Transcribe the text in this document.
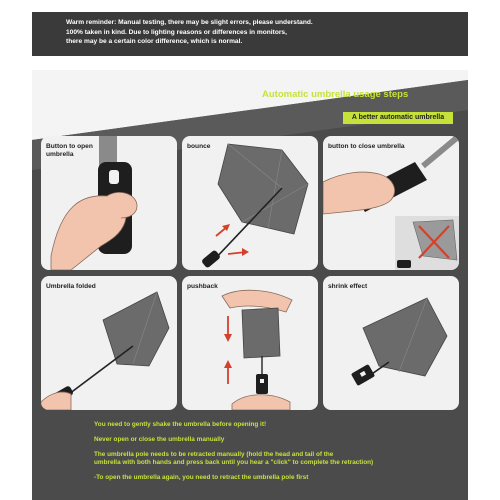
Warm reminder: Manual testing, there may be slight errors, please understand.
100% taken in kind. Due to lighting reasons or differences in monitors,
there may be a certain color difference, which is normal.
Automatic umbrella usage steps
A better automatic umbrella
Button to open
umbrella
bounce	button to close umbrella
Umbrella folded	pushback	shrink effect
You need to gently shake the umbrella before opening it!
Never open or close the umbrella manually
The umbrella pole needs to be retracted manually (hold the head and tail of the
umbrella with both hands and press back until you hear a "click" to complete the retraction)
-To open the umbrella again, you need to retract the umbrella pole first
